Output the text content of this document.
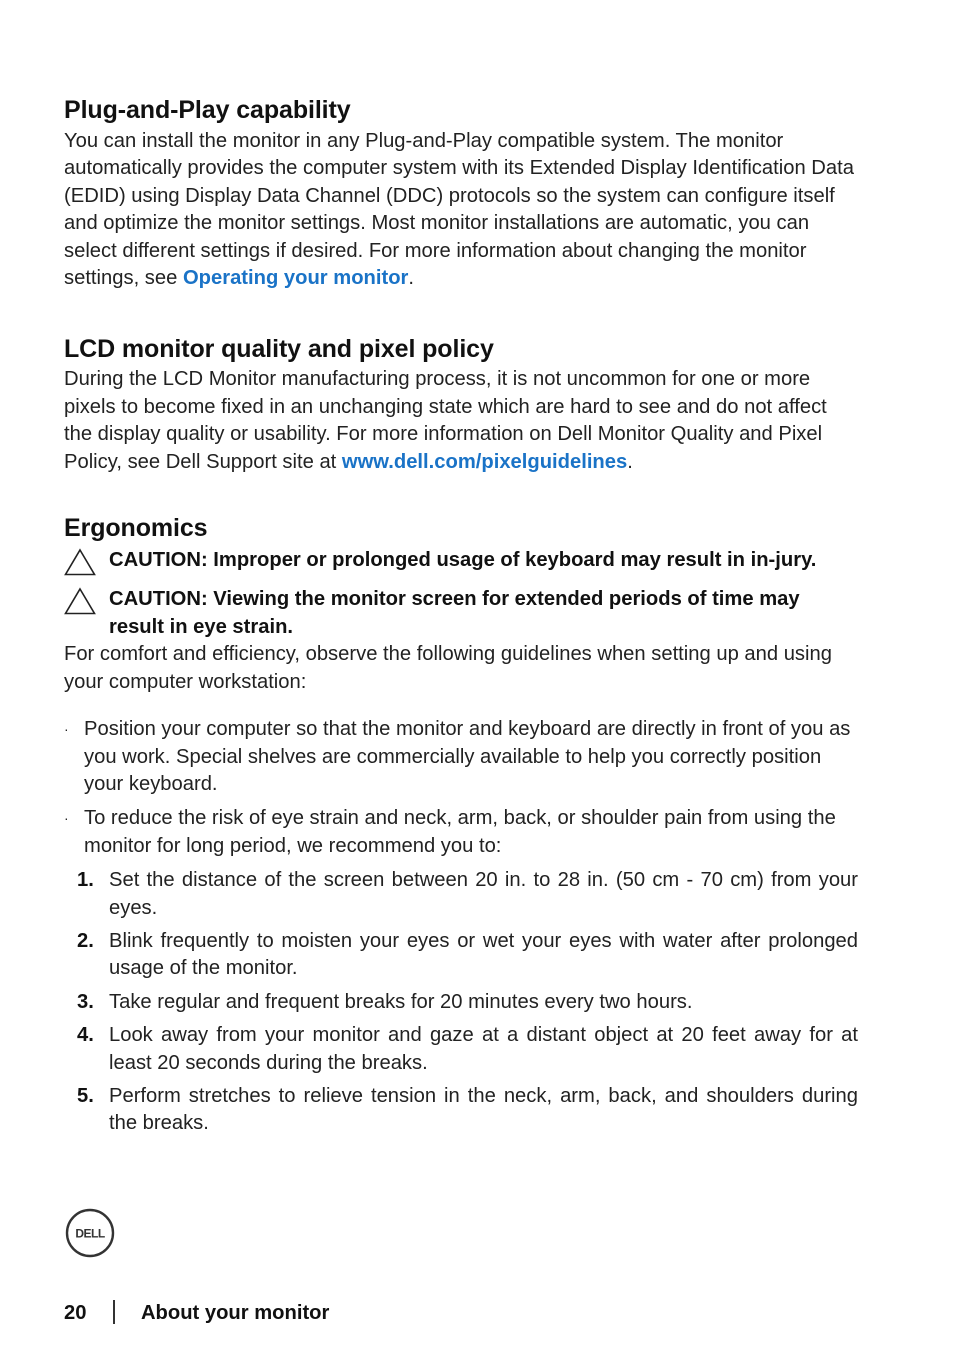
Plug-and-Play capability

You can install the monitor in any Plug-and-Play compatible system. The monitor automatically provides the computer system with its Extended Display Identification Data (EDID) using Display Data Channel (DDC) protocols so the system can configure itself and optimize the monitor settings. Most monitor installations are automatic, you can select different settings if desired. For more information about changing the monitor settings, see Operating your monitor.

LCD monitor quality and pixel policy

During the LCD Monitor manufacturing process, it is not uncommon for one or more pixels to become fixed in an unchanging state which are hard to see and do not affect the display quality or usability. For more information on Dell Monitor Quality and Pixel Policy, see Dell Support site at www.dell.com/pixelguidelines.

Ergonomics
CAUTION: Improper or prolonged usage of keyboard may result in in-jury.
CAUTION: Viewing the monitor screen for extended periods of time may result in eye strain.

For comfort and efficiency, observe the following guidelines when setting up and using your computer workstation:

· Position your computer so that the monitor and keyboard are directly in front of you as you work. Special shelves are commercially available to help you correctly position your keyboard.
· To reduce the risk of eye strain and neck, arm, back, or shoulder pain from using the monitor for long period, we recommend you to:
1. Set the distance of the screen between 20 in. to 28 in. (50 cm - 70 cm) from your eyes.
2. Blink frequently to moisten your eyes or wet your eyes with water after prolonged usage of the monitor.
3. Take regular and frequent breaks for 20 minutes every two hours.
4. Look away from your monitor and gaze at a distant object at 20 feet away for at least 20 seconds during the breaks.
5. Perform stretches to relieve tension in the neck, arm, back, and shoulders during the breaks.
DELL
20	About your monitor
